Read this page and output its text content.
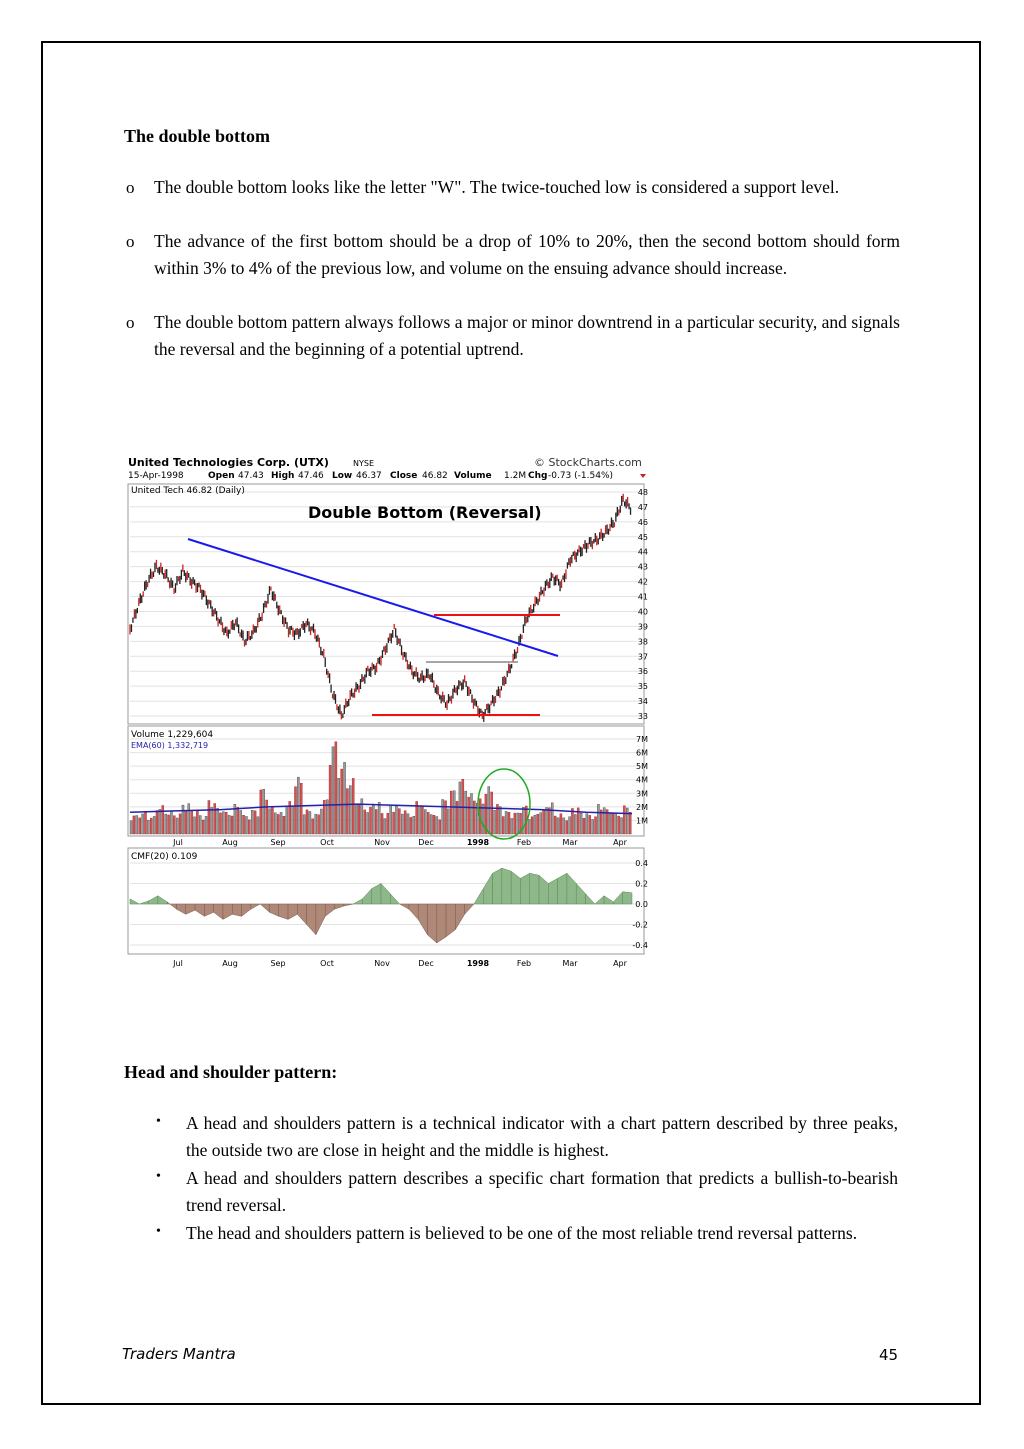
The double bottom
o The double bottom looks like the letter "W". The twice-touched low is considered a support level.
o The advance of the first bottom should be a drop of 10% to 20%, then the second bottom should form within 3% to 4% of the previous low, and volume on the ensuing advance should increase.
o The double bottom pattern always follows a major or minor downtrend in a particular security, and signals the reversal and the beginning of a potential uptrend.
United Technologies Corp. (UTX)	NYSE	© StockCharts.com
15-Apr-1998	Open 47.43 High 47.46 Low 46.37 Close 46.82 Volume 1.2M Chg -0.73 (-1.54%)
48
47
46
45
44
43
42
41
40
39
38
37
36
35
34
33
United Tech 46.82 (Daily)
Double Bottom (Reversal)
7M
6M
5M
4M
3M
2M
1M
Volume 1,229,604
EMA(60) 1,332,719
Jul	Aug	Sep	Oct	Nov	Dec	1998	Feb	Mar	Apr
0.4
0.2
0.0
-0.2
-0.4
CMF(20) 0.109
Jul	Aug	Sep	Oct	Nov	Dec	1998	Feb	Mar	Apr
Head and shoulder pattern:
• A head and shoulders pattern is a technical indicator with a chart pattern described by three peaks, the outside two are close in height and the middle is highest.
• A head and shoulders pattern describes a specific chart formation that predicts a bullish-to-bearish trend reversal.
• The head and shoulders pattern is believed to be one of the most reliable trend reversal patterns.
Traders Mantra	45
